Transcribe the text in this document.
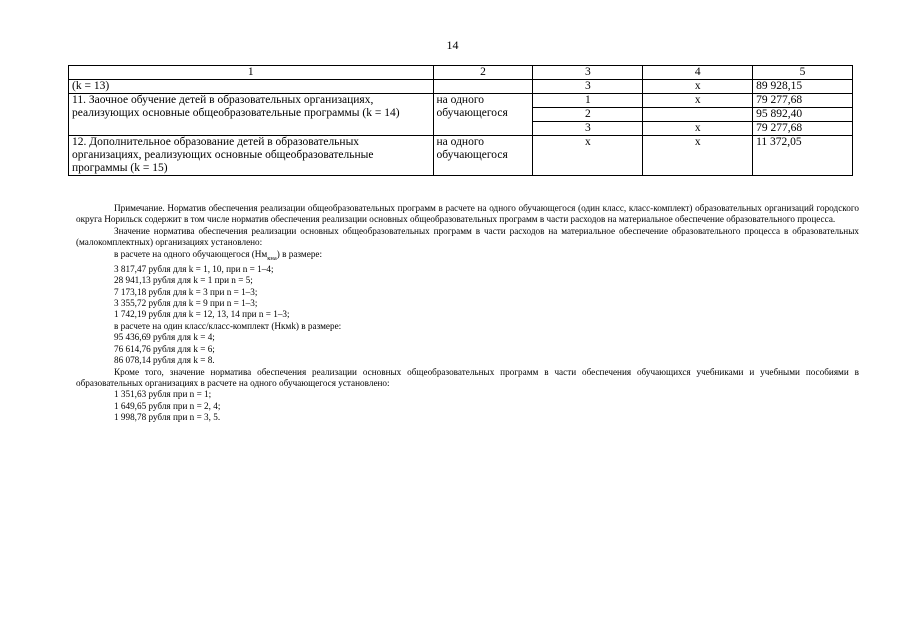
14
1	2	3	4	5
(k = 13)		3	х	89 928,15
11. Заочное обучение детей в образовательных организациях, реализующих основные общеобразовательные программы (k = 14)	на одного обучающегося	1	х	79 277,68
		2		95 892,40
		3	х	79 277,68
12. Дополнительное образование детей в образовательных организациях, реализующих основные общеобразовательные программы (k = 15)	на одного обучающегося	х	х	11 372,05

Примечание. Норматив обеспечения реализации общеобразовательных программ в расчете на одного обучающегося (один класс, класс-комплект) образовательных организаций городского округа Норильск содержит в том числе норматив обеспечения реализации основных общеобразовательных программ в части расходов на материальное обеспечение образовательного процесса.

Значение норматива обеспечения реализации основных общеобразовательных программ в части расходов на материальное обеспечение образовательного процесса в образовательных (малокомплектных) организациях установлено:

в расчете на одного обучающегося $(Нм_{кна})$ в размере:

3 817,47 рубля для k = 1, 10, при n = 1–4;

28 941,13 рубля для k = 1 при n = 5;

7 173,18 рубля для k = 3 при n = 1–3;

3 355,72 рубля для k = 9 при n = 1–3;

1 742,19 рубля для k = 12, 13, 14 при n = 1–3;

в расчете на один класс/класс-комплект (Нкмk) в размере:

95 436,69 рубля для k = 4;

76 614,76 рубля для k = 6;

86 078,14 рубля для k = 8.

Кроме того, значение норматива обеспечения реализации основных общеобразовательных программ в части обеспечения обучающихся учебниками и учебными пособиями в образовательных организациях в расчете на одного обучающегося установлено:

1 351,63 рубля при n = 1;

1 649,65 рубля при n = 2, 4;

1 998,78 рубля при n = 3, 5.
